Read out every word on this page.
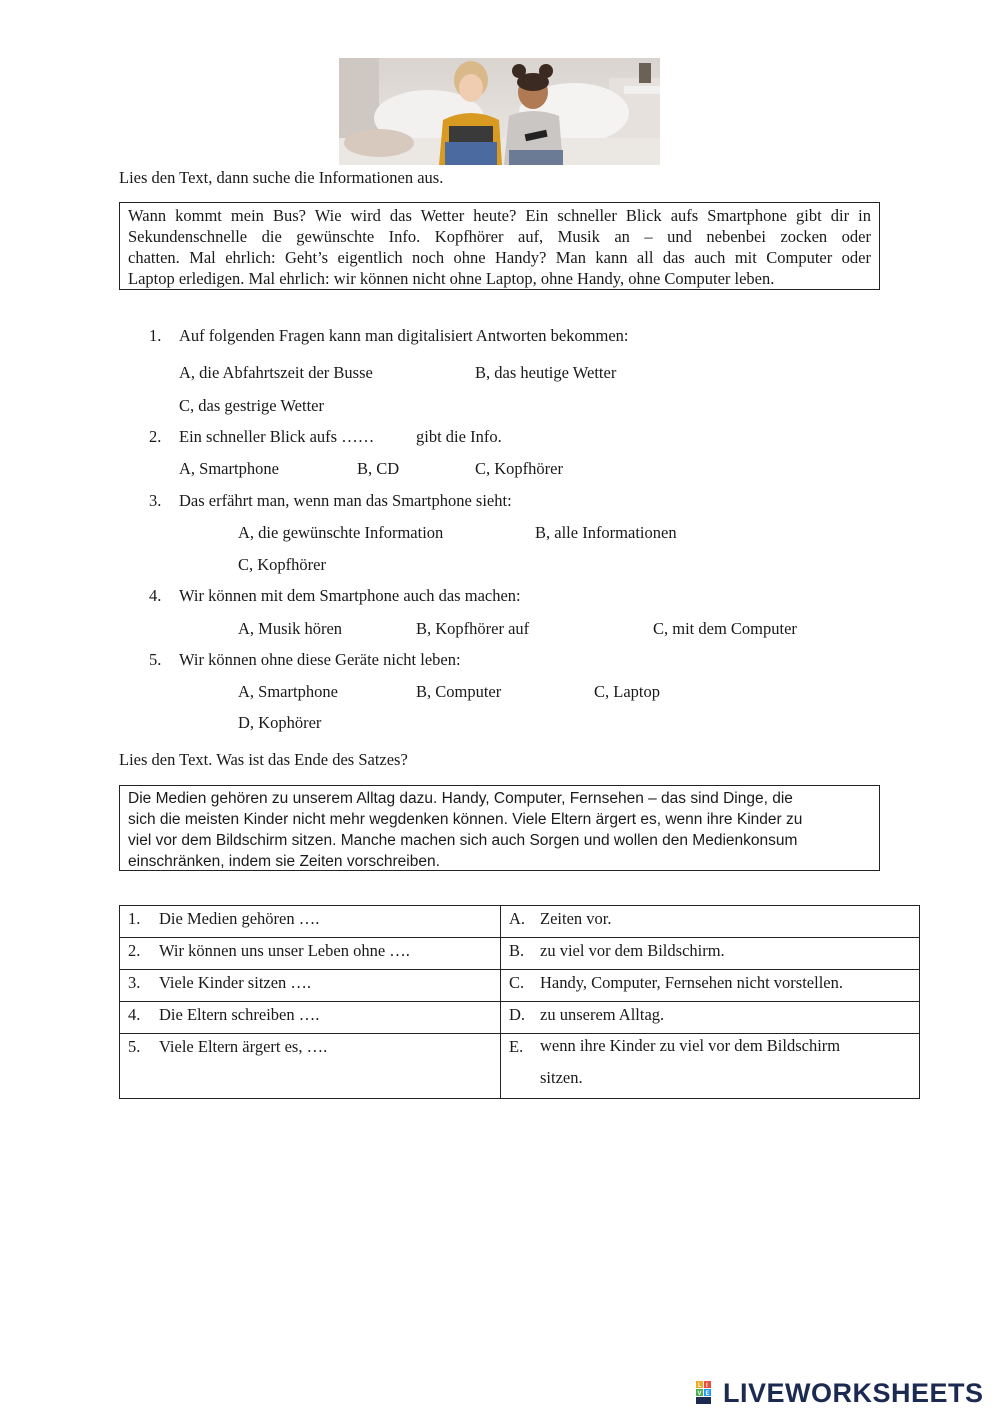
Lies den Text, dann suche die Informationen aus.

Wann kommt mein Bus? Wie wird das Wetter heute? Ein schneller Blick aufs Smartphone gibt dir in

Sekundenschnelle die gewünschte Info. Kopfhörer auf, Musik an – und nebenbei zocken oder

chatten. Mal ehrlich: Geht’s eigentlich noch ohne Handy? Man kann all das auch mit Computer oder

Laptop erledigen. Mal ehrlich: wir können nicht ohne Laptop, ohne Handy, ohne Computer leben.

1. Auf folgenden Fragen kann man digitalisiert Antworten bekommen:
A, die Abfahrtszeit der Busse	B, das heutige Wetter
C, das gestrige Wetter
2. Ein schneller Blick aufs ……	gibt die Info.
A, Smartphone	B, CD	C, Kopfhörer
3. Das erfährt man, wenn man das Smartphone sieht:
A, die gewünschte Information	B, alle Informationen
C, Kopfhörer
4. Wir können mit dem Smartphone auch das machen:
A, Musik hören	B, Kopfhörer auf	C, mit dem Computer
5. Wir können ohne diese Geräte nicht leben:
A, Smartphone	B, Computer	C, Laptop
D, Kophörer
Lies den Text. Was ist das Ende des Satzes?

Die Medien gehören zu unserem Alltag dazu. Handy, Computer, Fernsehen – das sind Dinge, die

sich die meisten Kinder nicht mehr wegdenken können. Viele Eltern ärgert es, wenn ihre Kinder zu

viel vor dem Bildschirm sitzen. Manche machen sich auch Sorgen und wollen den Medienkonsum

einschränken, indem sie Zeiten vorschreiben.

1. Die Medien gehören ….	A. Zeiten vor.

2. Wir können uns unser Leben ohne ….	B. zu viel vor dem Bildschirm.

3. Viele Kinder sitzen ….	C. Handy, Computer, Fernsehen nicht vorstellen.

4. Die Eltern schreiben ….	D. zu unserem Alltag.

5. Viele Eltern ärgert es, ….	E. wenn ihre Kinder zu viel vor dem Bildschirm
sitzen.
L I
V E LIVEWORKSHEETS
